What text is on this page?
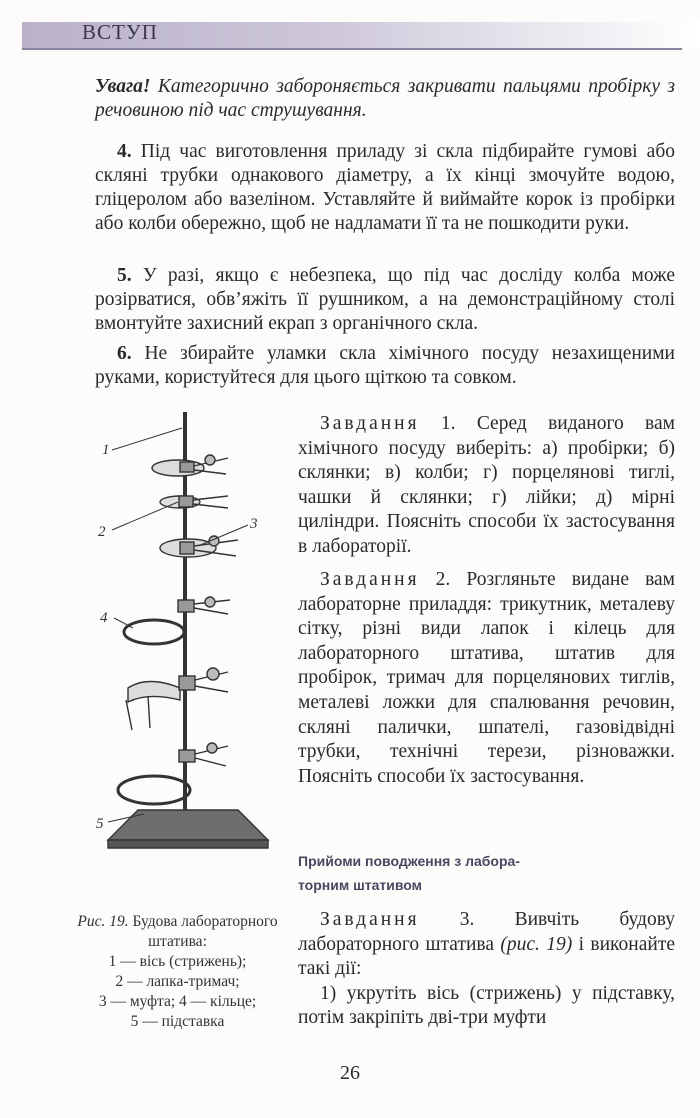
ВСТУП
Увага! Категорично забороняється закривати пальцями пробірку з речовиною під час струшування.
4. Під час виготовлення приладу зі скла підбирайте гумові або скляні трубки однакового діаметру, а їх кінці змочуйте водою, гліцеролом або вазеліном. Уставляйте й виймайте корок із пробірки або колби обережно, щоб не надламати її та не пошкодити руки.
5. У разі, якщо є небезпека, що під час досліду колба може розірватися, обв’яжіть її рушником, а на демонстраційному столі вмонтуйте захисний екрап з органічного скла.
6. Не збирайте уламки скла хімічного посуду незахищеними руками, користуйтеся для цього щіткою та совком.
1
2	3
4
5
Завдання 1. Серед виданого вам хімічного посуду виберіть: а) пробірки; б) склянки; в) колби; г) порцелянові тиглі, чашки й склянки; г) лійки; д) мірні циліндри. Поясніть способи їх застосування в лабораторії.
Завдання 2. Розгляньте видане вам лабораторне приладдя: трикутник, металеву сітку, різні види лапок і кілець для лабораторного штатива, штатив для пробірок, тримач для порцелянових тиглів, металеві ложки для спалювання речовин, скляні палички, шпателі, газовідвідні трубки, технічні терези, різноважки. Поясніть способи їх застосування.
Прийоми поводження з лабора-
торним штативом
Завдання 3. Вивчіть будову лабораторного штатива (рис. 19) і виконайте такі дії:
1) укрутіть вісь (стрижень) у підставку, потім закріпіть дві-три муфти
Рис. 19. Будова лабораторного штатива:
1 — вісь (стрижень);
2 — лапка-тримач;
3 — муфта; 4 — кільце;
5 — підставка
26
